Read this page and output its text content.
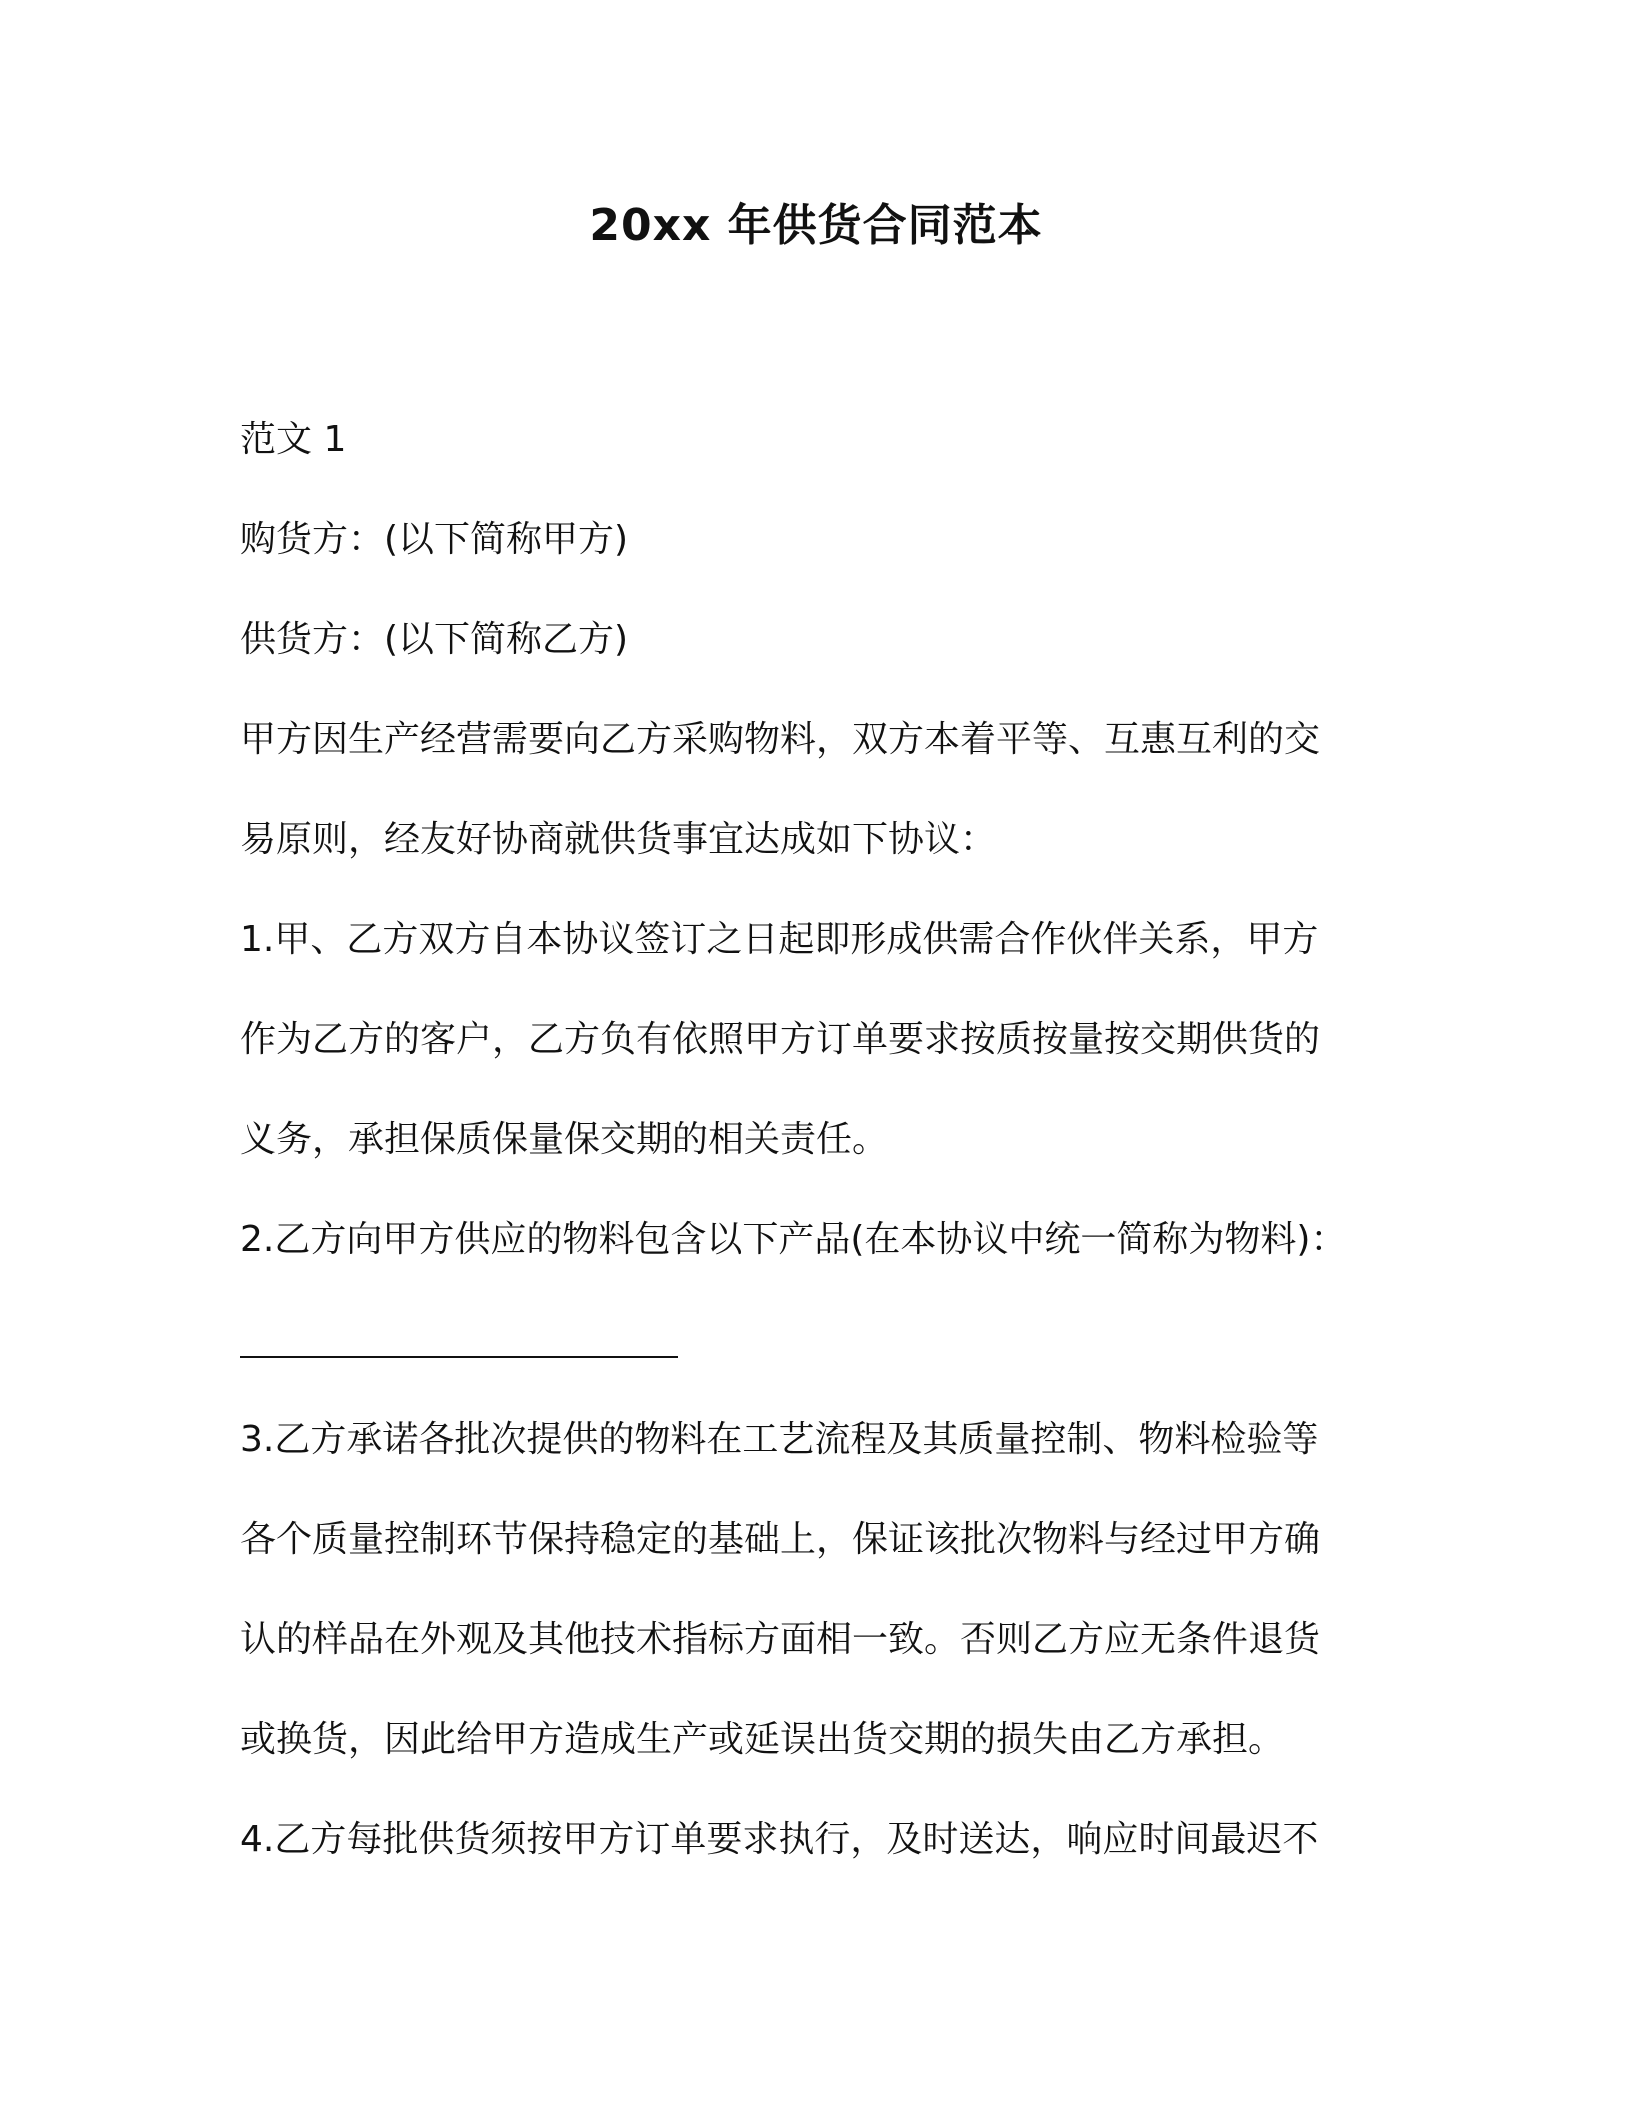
20xx 年供货合同范本
范文 1
购货方：(以下简称甲方)
供货方：(以下简称乙方)
甲方因生产经营需要向乙方采购物料，双方本着平等、互惠互利的交
易原则，经友好协商就供货事宜达成如下协议：
1.甲、乙方双方自本协议签订之日起即形成供需合作伙伴关系，甲方
作为乙方的客户，乙方负有依照甲方订单要求按质按量按交期供货的
义务，承担保质保量保交期的相关责任。
2.乙方向甲方供应的物料包含以下产品(在本协议中统一简称为物料)：
3.乙方承诺各批次提供的物料在工艺流程及其质量控制、物料检验等
各个质量控制环节保持稳定的基础上，保证该批次物料与经过甲方确
认的样品在外观及其他技术指标方面相一致。否则乙方应无条件退货
或换货，因此给甲方造成生产或延误出货交期的损失由乙方承担。
4.乙方每批供货须按甲方订单要求执行，及时送达，响应时间最迟不
